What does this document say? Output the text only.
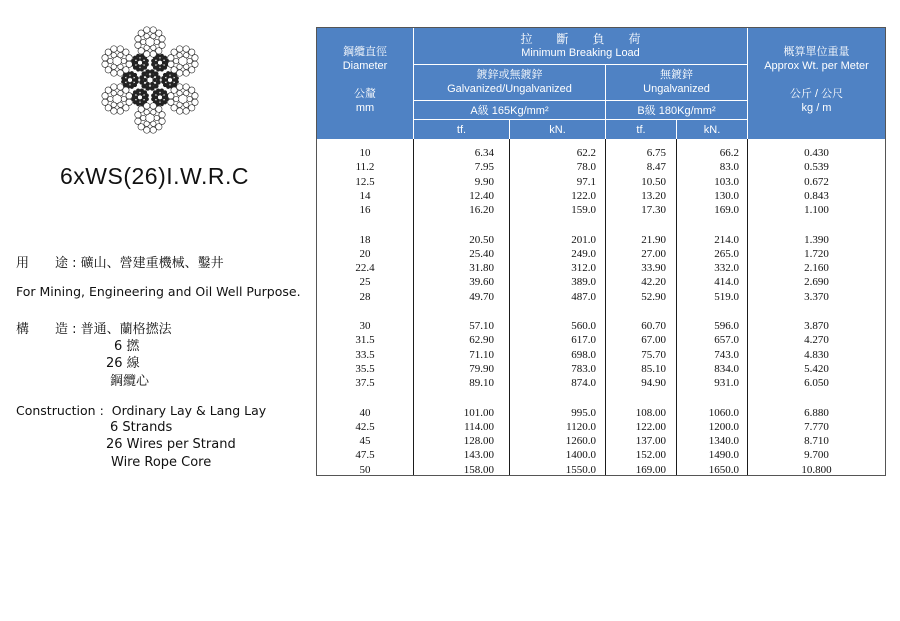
6xWS(26)I.W.R.C
用　　途 : 礦山、營建重機械、鑿井
For Mining, Engineering and Oil Well Purpose.
構　　造 : 普通、蘭格撚法
6 撚
26 線
鋼纜心
Construction : Ordinary Lay & Lang Lay
6 Strands
26 Wires per Strand
Wire Rope Core
鋼纜直徑
Diameter
公釐
mm
拉　　斷　　負　　荷
Minimum Breaking Load
鍍鋅或無鍍鋅
Galvanized/Ungalvanized
無鍍鋅
Ungalvanized
A級 165Kg/mm²	B級 180Kg/mm²
tf.	kN.	tf.	kN.
概算單位重量
Approx Wt. per Meter
公斤 / 公尺
kg / m
10	6.34	62.2	6.75	66.2	0.430
11.2	7.95	78.0	8.47	83.0	0.539
12.5	9.90	97.1	10.50	103.0	0.672
14	12.40	122.0	13.20	130.0	0.843
16	16.20	159.0	17.30	169.0	1.100
18	20.50	201.0	21.90	214.0	1.390
20	25.40	249.0	27.00	265.0	1.720
22.4	31.80	312.0	33.90	332.0	2.160
25	39.60	389.0	42.20	414.0	2.690
28	49.70	487.0	52.90	519.0	3.370
30	57.10	560.0	60.70	596.0	3.870
31.5	62.90	617.0	67.00	657.0	4.270
33.5	71.10	698.0	75.70	743.0	4.830
35.5	79.90	783.0	85.10	834.0	5.420
37.5	89.10	874.0	94.90	931.0	6.050
40	101.00	995.0	108.00	1060.0	6.880
42.5	114.00	1120.0	122.00	1200.0	7.770
45	128.00	1260.0	137.00	1340.0	8.710
47.5	143.00	1400.0	152.00	1490.0	9.700
50	158.00	1550.0	169.00	1650.0	10.800
